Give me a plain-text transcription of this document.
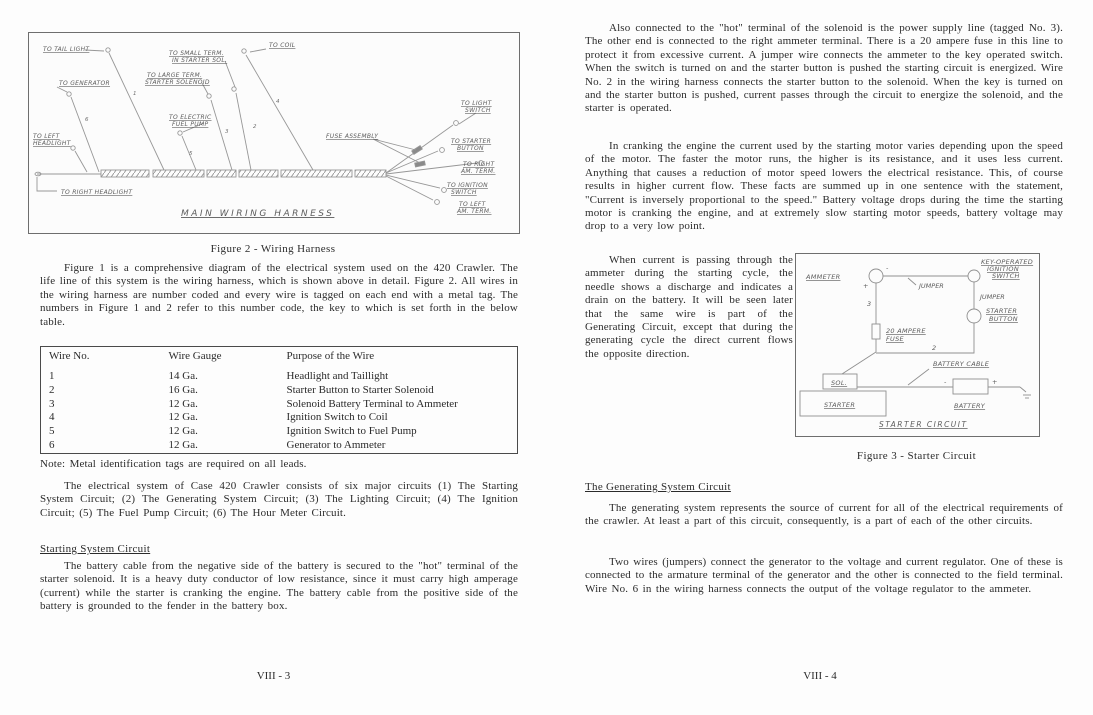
TO TAIL LIGHT
TO GENERATOR
TO LEFT
HEADLIGHT
TO RIGHT HEADLIGHT
TO SMALL TERM.
IN STARTER SOL.
TO LARGE TERM.
STARTER SOLENOID
TO ELECTRIC
FUEL PUMP
TO COIL
FUSE ASSEMBLY
TO LIGHT
SWITCH
TO STARTER
BUTTON
TO RIGHT
AM. TERM.
TO IGNITION
SWITCH
TO LEFT
AM. TERM.
1
6
3
2
4
5
MAIN WIRING HARNESS
Figure 2 - Wiring Harness
Figure 1 is a comprehensive diagram of the electrical system used on the 420 Crawler. The life line of this system is the wiring harness, which is shown above in detail. Figure 2. All wires in the wiring harness are number coded and every wire is tagged on each end with a metal tag. The numbers in Figure 1 and 2 refer to this number code, the key to which is set forth in the below table.
Wire No.	Wire Gauge	Purpose of the Wire
1	14 Ga.	Headlight and Taillight
2	16 Ga.	Starter Button to Starter Solenoid
3	12 Ga.	Solenoid Battery Terminal to Ammeter
4	12 Ga.	Ignition Switch to Coil
5	12 Ga.	Ignition Switch to Fuel Pump
6	12 Ga.	Generator to Ammeter
Note: Metal identification tags are required on all leads.
The electrical system of Case 420 Crawler consists of six major circuits (1) The Starting System Circuit; (2) The Generating System Circuit; (3) The Lighting Circuit; (4) The Ignition Circuit; (5) The Fuel Pump Circuit; (6) The Hour Meter Circuit.
Starting System Circuit
The battery cable from the negative side of the battery is secured to the "hot" terminal of the starter solenoid. It is a heavy duty conductor of low resistance, since it must carry high amperage (current) while the starter is cranking the engine. The battery cable from the positive side of the battery is grounded to the fender in the battery box.
VIII - 3
Also connected to the "hot" terminal of the solenoid is the power supply line (tagged No. 3). The other end is connected to the right ammeter terminal. There is a 20 ampere fuse in this line to protect it from excessive current. A jumper wire connects the ammeter to the key operated switch. When the switch is turned on and the starter button is pushed the starting circuit is energized. Wire No. 2 in the wiring harness connects the starter button to the solenoid. When the key is turned on and the starter button is pushed, current passes through the circuit to energize the solenoid, and the starter is operated.
In cranking the engine the current used by the starting motor varies depending upon the speed of the motor. The faster the motor runs, the higher is its resistance, and it uses less current. Anything that causes a reduction of motor speed lowers the electrical resistance. This, of course results in higher current flow. These facts are summed up in one sentence with the statement, "Current is inversely proportional to the speed." Battery voltage drops during the time the starting motor is cranking the engine, and at extremely slow starting motor speeds, battery voltage may drop to a very low point.
When current is passing through the ammeter during the starting cycle, the needle shows a discharge and indicates a drain on the battery. It will be seen later that the same wire is part of the Generating Circuit, except that during the generating cycle the direct current flows the opposite direction.
AMMETER
-
+
KEY-OPERATED
IGNITION
SWITCH
JUMPER
JUMPER
STARTER
BUTTON
3
20 AMPERE
FUSE
2
SOL.
STARTER
BATTERY CABLE
-	+
BATTERY
STARTER CIRCUIT
Figure 3 - Starter Circuit
The Generating System Circuit
The generating system represents the source of current for all of the electrical requirements of the crawler. At least a part of this circuit, consequently, is a part of each of the other circuits.
Two wires (jumpers) connect the generator to the voltage and current regulator. One of these is connected to the armature terminal of the generator and the other is connected to the field terminal. Wire No. 6 in the wiring harness connects the output of the voltage regulator to the ammeter.
VIII - 4
